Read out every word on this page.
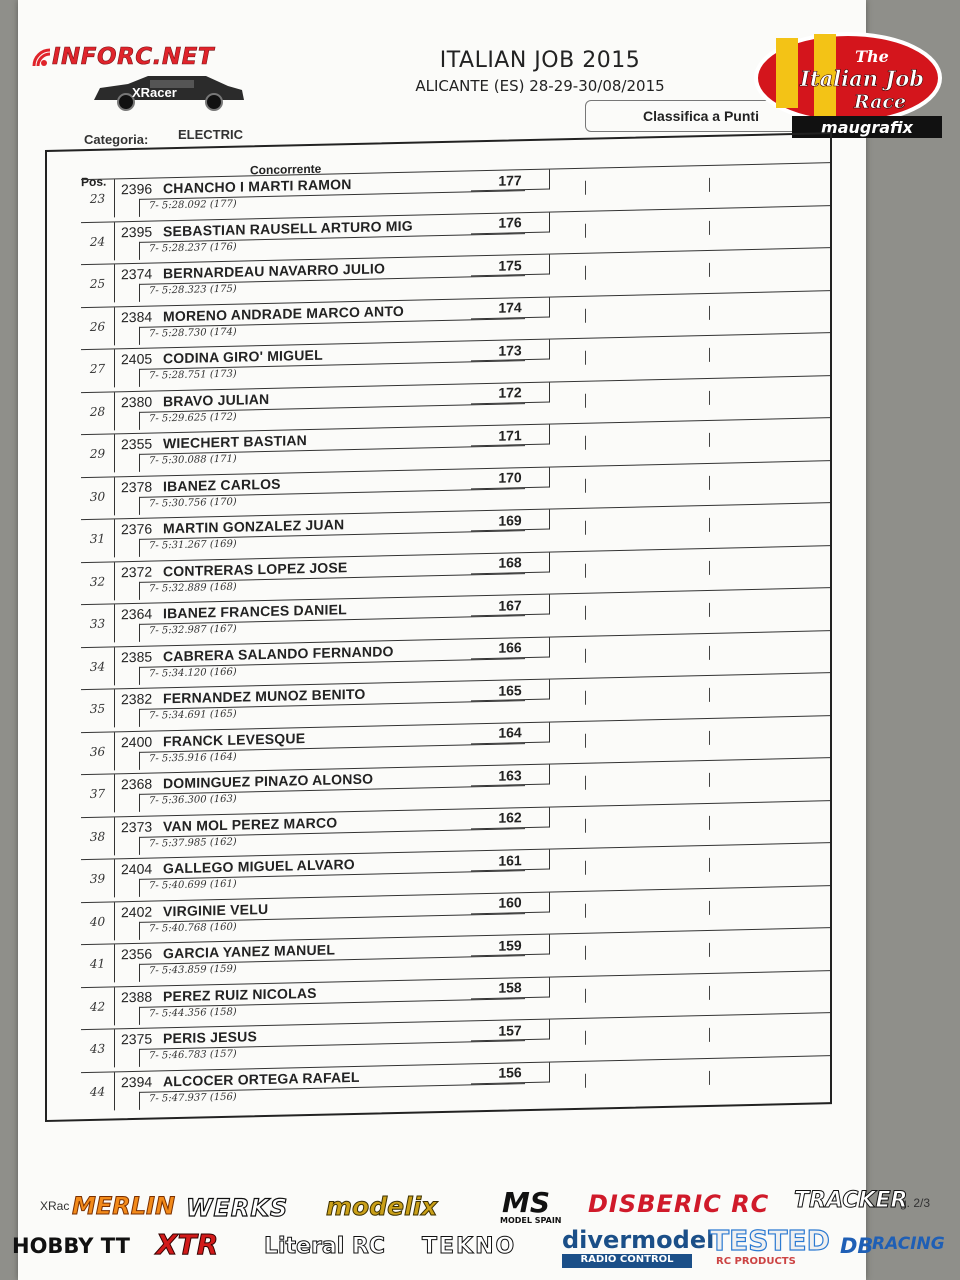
INFORC.NET
XRacer
ITALIAN JOB 2015
ALICANTE (ES) 28-29-30/08/2015
Categoria: ELECTRIC
Classifica a Punti
The
Italian Job
Race
maugrafix
Pos.
Concorrente
23
2396 CHANCHO I MARTI RAMON
7- 5:28.092 (177)
177
24
2395 SEBASTIAN RAUSELL ARTURO MIG
7- 5:28.237 (176)
176
25
2374 BERNARDEAU NAVARRO JULIO
7- 5:28.323 (175)
175
26
2384 MORENO ANDRADE MARCO ANTO
7- 5:28.730 (174)
174
27
2405 CODINA GIRO' MIGUEL
7- 5:28.751 (173)
173
28
2380 BRAVO JULIAN
7- 5:29.625 (172)
172
29
2355 WIECHERT BASTIAN
7- 5:30.088 (171)
171
30
2378 IBANEZ CARLOS
7- 5:30.756 (170)
170
31
2376 MARTIN GONZALEZ JUAN
7- 5:31.267 (169)
169
32
2372 CONTRERAS LOPEZ JOSE
7- 5:32.889 (168)
168
33
2364 IBANEZ FRANCES DANIEL
7- 5:32.987 (167)
167
34
2385 CABRERA SALANDO FERNANDO
7- 5:34.120 (166)
166
35
2382 FERNANDEZ MUNOZ BENITO
7- 5:34.691 (165)
165
36
2400 FRANCK LEVESQUE
7- 5:35.916 (164)
164
37
2368 DOMINGUEZ PINAZO ALONSO
7- 5:36.300 (163)
163
38
2373 VAN MOL PEREZ MARCO
7- 5:37.985 (162)
162
39
2404 GALLEGO MIGUEL ALVARO
7- 5:40.699 (161)
161
40
2402 VIRGINIE VELU
7- 5:40.768 (160)
160
41
2356 GARCIA YANEZ MANUEL
7- 5:43.859 (159)
159
42
2388 PEREZ RUIZ NICOLAS
7- 5:44.356 (158)
158
43
2375 PERIS JESUS
7- 5:46.783 (157)
157
44
2394 ALCOCER ORTEGA RAFAEL
7- 5:47.937 (156)
156
XRac	g. 2/3
MERLIN WERKS modelix MS
MODEL SPAIN
DISBERIC RC TRACKER
HOBBY TT XTR Literal RC TEKNO divermodel
RADIO CONTROL
TESTED
RC PRODUCTS
DB
RACING
